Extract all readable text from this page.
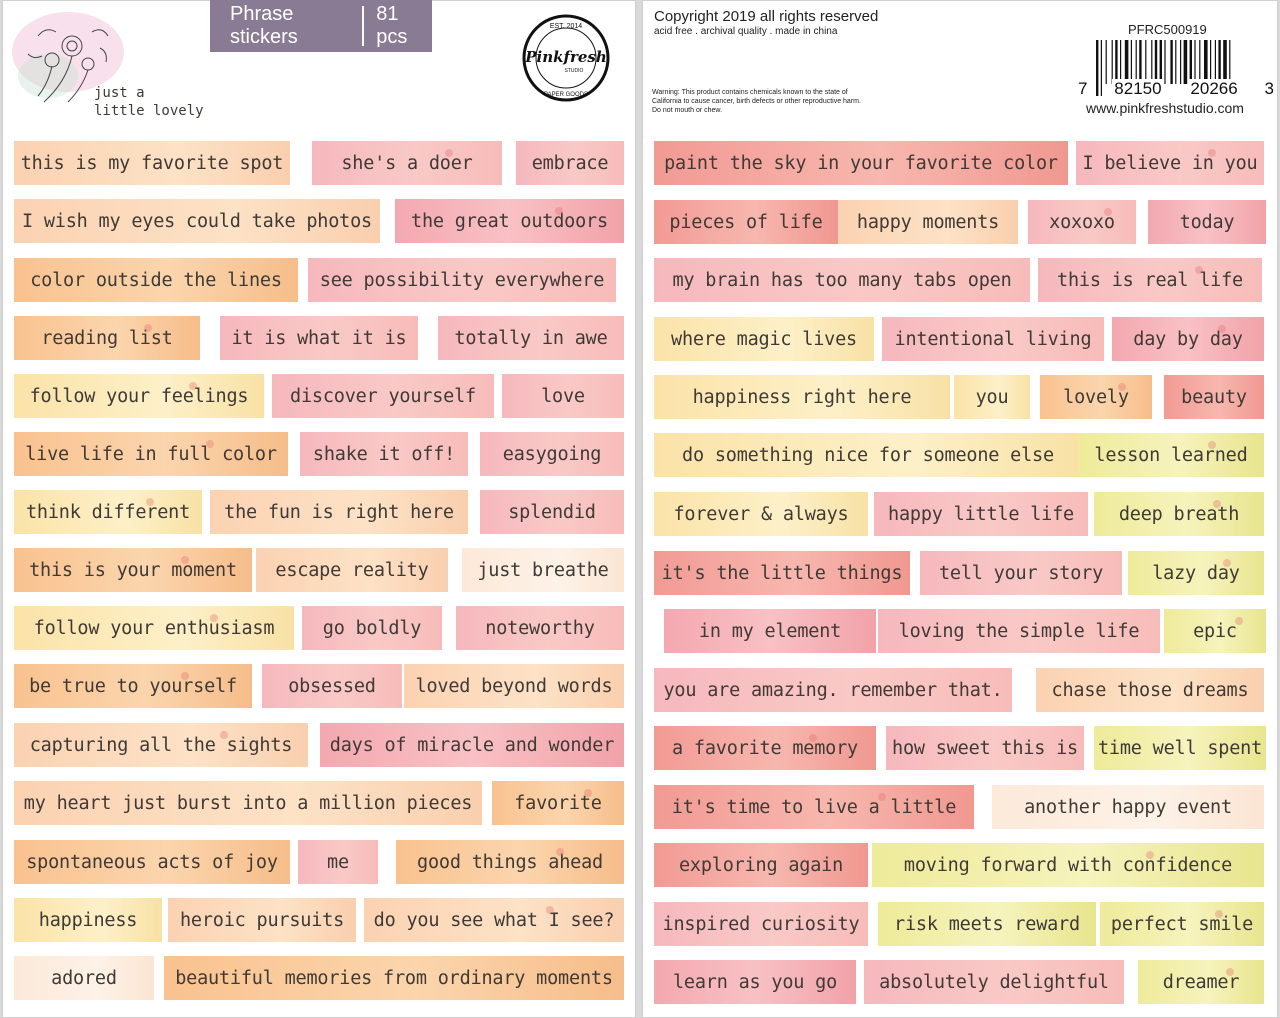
just a
little lovely
Phrase stickers
81 pcs	EST. 2014
Pinkfresh
STUDIO
PAPER GOODS
this is my favorite spot	she's a doer	embrace
I wish my eyes could take photos the great outdoors
color outside the lines see possibility everywhere
reading list	it is what it is	totally in awe
follow your feelings discover yourself	love
live life in full color shake it off!	easygoing
think different the fun is right here	splendid
this is your moment escape reality	just breathe
follow your enthusiasm	go boldly	noteworthy
be true to yourself	obsessed loved beyond words
capturing all the sights days of miracle and wonder
my heart just burst into a million pieces favorite
spontaneous acts of joy	me	good things ahead
happiness heroic pursuits do you see what I see?
adored	beautiful memories from ordinary moments
Copyright 2019 all rights reserved
acid free . archival quality . made in china
Warning: This product contains chemicals known to the state of California to cause cancer, birth defects or other reproductive harm. Do not mouth or chew.
PFRC500919
7 82150 20266 3
www.pinkfreshstudio.com
paint the sky in your favorite color I believe in you
pieces of life happy moments	xoxoxo	today
my brain has too many tabs open this is real life
where magic lives intentional living day by day
happiness right here	you	lovely	beauty
do something nice for someone else lesson learned
forever & always happy little life deep breath
it's the little things tell your story	lazy day
in my element	loving the simple life	epic
you are amazing. remember that.	chase those dreams
a favorite memory how sweet this is time well spent
it's time to live a little	another happy event
exploring again	moving forward with confidence
inspired curiosity risk meets reward perfect smile
learn as you go absolutely delightful	dreamer
